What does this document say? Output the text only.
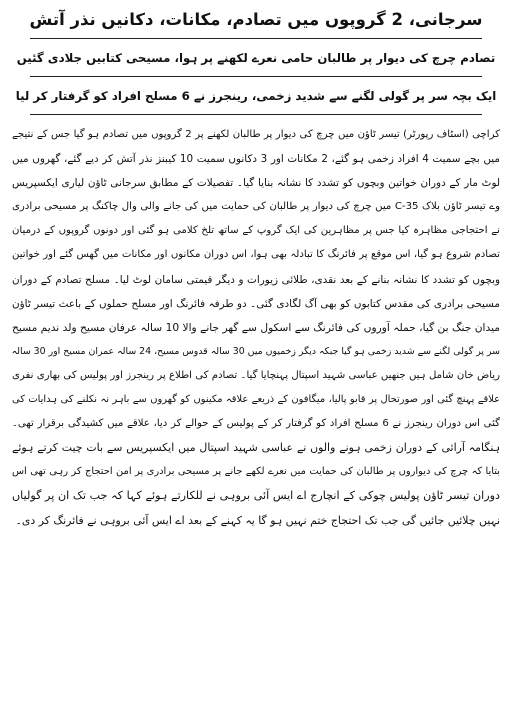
سرجانی، 2 گروپوں میں تصادم، مکانات، دکانیں نذر آتش
تصادم چرچ کی دیوار پر طالبان حامی نعرے لکھنے پر ہوا، مسیحی کتابیں جلادی گئیں
ایک بچہ سر پر گولی لگنے سے شدید زخمی، رینجرز نے 6 مسلح افراد کو گرفتار کر لیا
کراچی (اسٹاف رپورٹر) تیسر ٹاؤن میں چرچ کی دیوار پر طالبان لکھنے پر 2 گروپوں میں تصادم ہو گیا جس کے نتیجے
میں بچے سمیت 4 افراد زخمی ہو گئے، 2 مکانات اور 3 دکانوں سمیت 10 کیبنز نذر آتش کر دیے گئے، گھروں میں
لوٹ مار کے دوران خواتین وبچوں کو تشدد کا نشانہ بنایا گیا۔ تفصیلات کے مطابق سرجانی ٹاؤن لیاری ایکسپریس
وے تیسر ٹاؤن بلاک C-35 میں چرچ کی دیوار پر طالبان کی حمایت میں کی جانے والی وال چاکنگ پر مسیحی برادری
نے احتجاجی مظاہرہ کیا جس پر مظاہرین کی ایک گروپ کے ساتھ تلخ کلامی ہو گئی اور دونوں گروپوں کے درمیان
تصادم شروع ہو گیا، اس موقع پر فائرنگ کا تبادلہ بھی ہوا، اس دوران مکانوں اور مکانات میں گھس گئے اور خواتین
وبچوں کو تشدد کا نشانہ بنانے کے بعد نقدی، طلائی زیورات و دیگر قیمتی سامان لوٹ لیا۔ مسلح تصادم کے دوران
مسیحی برادری کی مقدس کتابوں کو بھی آگ لگادی گئی۔ دو طرفہ فائرنگ اور مسلح حملوں کے باعث تیسر ٹاؤن
میدان جنگ بن گیا، حملہ آوروں کی فائرنگ سے اسکول سے گھر جانے والا 10 سالہ عرفان مسیح ولد ندیم مسیح
سر پر گولی لگنے سے شدید زخمی ہو گیا جبکہ دیگر زخمیوں میں 30 سالہ قدوس مسیح، 24 سالہ عمران مسیح اور 30 سالہ
ریاض خان شامل ہیں جنھیں عباسی شہید اسپتال پہنچایا گیا۔ تصادم کی اطلاع پر رینجرز اور پولیس کی بھاری نفری
علاقے پہنچ گئی اور صورتحال پر قابو پالیا، میگافون کے ذریعے علاقہ مکینوں کو گھروں سے باہر نہ نکلنے کی ہدایات کی
گئی اس دوران رینجرز نے 6 مسلح افراد کو گرفتار کر کے پولیس کے حوالے کر دیا، علاقے میں کشیدگی برقرار تھی۔
ہنگامہ آرائی کے دوران زخمی ہونے والوں نے عباسی شہید اسپتال میں ایکسپریس سے بات چیت کرتے ہوئے
بتایا کہ چرچ کی دیواروں پر طالبان کی حمایت میں نعرے لکھے جانے پر مسیحی برادری پر امن احتجاج کر رہی تھی اس
دوران تیسر ٹاؤن پولیس چوکی کے انچارج اے ایس آئی بروہی نے للکارتے ہوئے کہا کہ جب تک ان پر گولیاں
نہیں چلائیں جائیں گی جب تک احتجاج ختم نہیں ہو گا یہ کہنے کے بعد اے ایس آئی بروہی نے فائرنگ کر دی۔
